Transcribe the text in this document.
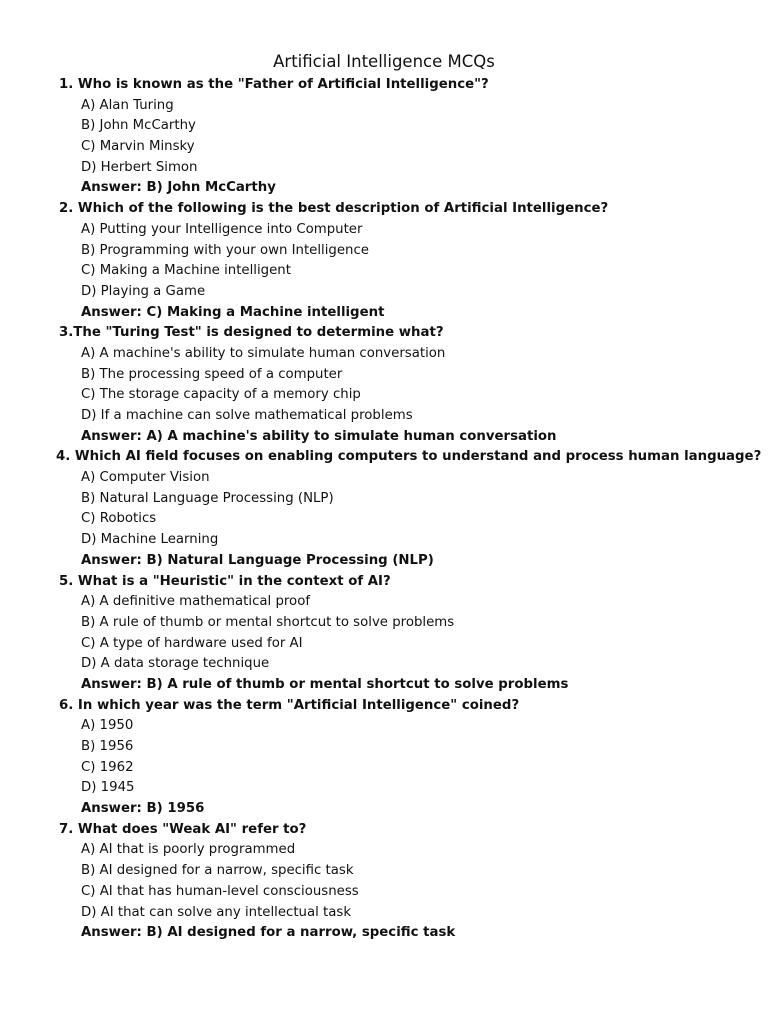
Artificial Intelligence MCQs
1. Who is known as the "Father of Artificial Intelligence"?
A) Alan Turing
B) John McCarthy
C) Marvin Minsky
D) Herbert Simon
Answer: B) John McCarthy
2. Which of the following is the best description of Artificial Intelligence?
A) Putting your Intelligence into Computer
B) Programming with your own Intelligence
C) Making a Machine intelligent
D) Playing a Game
Answer: C) Making a Machine intelligent
3.The "Turing Test" is designed to determine what?
A) A machine's ability to simulate human conversation
B) The processing speed of a computer
C) The storage capacity of a memory chip
D) If a machine can solve mathematical problems
Answer: A) A machine's ability to simulate human conversation
4. Which AI field focuses on enabling computers to understand and process human language?
A) Computer Vision
B) Natural Language Processing (NLP)
C) Robotics
D) Machine Learning
Answer: B) Natural Language Processing (NLP)
5. What is a "Heuristic" in the context of AI?
A) A definitive mathematical proof
B) A rule of thumb or mental shortcut to solve problems
C) A type of hardware used for AI
D) A data storage technique
Answer: B) A rule of thumb or mental shortcut to solve problems
6. In which year was the term "Artificial Intelligence" coined?
A) 1950
B) 1956
C) 1962
D) 1945
Answer: B) 1956
7. What does "Weak AI" refer to?
A) AI that is poorly programmed
B) AI designed for a narrow, specific task
C) AI that has human-level consciousness
D) AI that can solve any intellectual task
Answer: B) AI designed for a narrow, specific task
